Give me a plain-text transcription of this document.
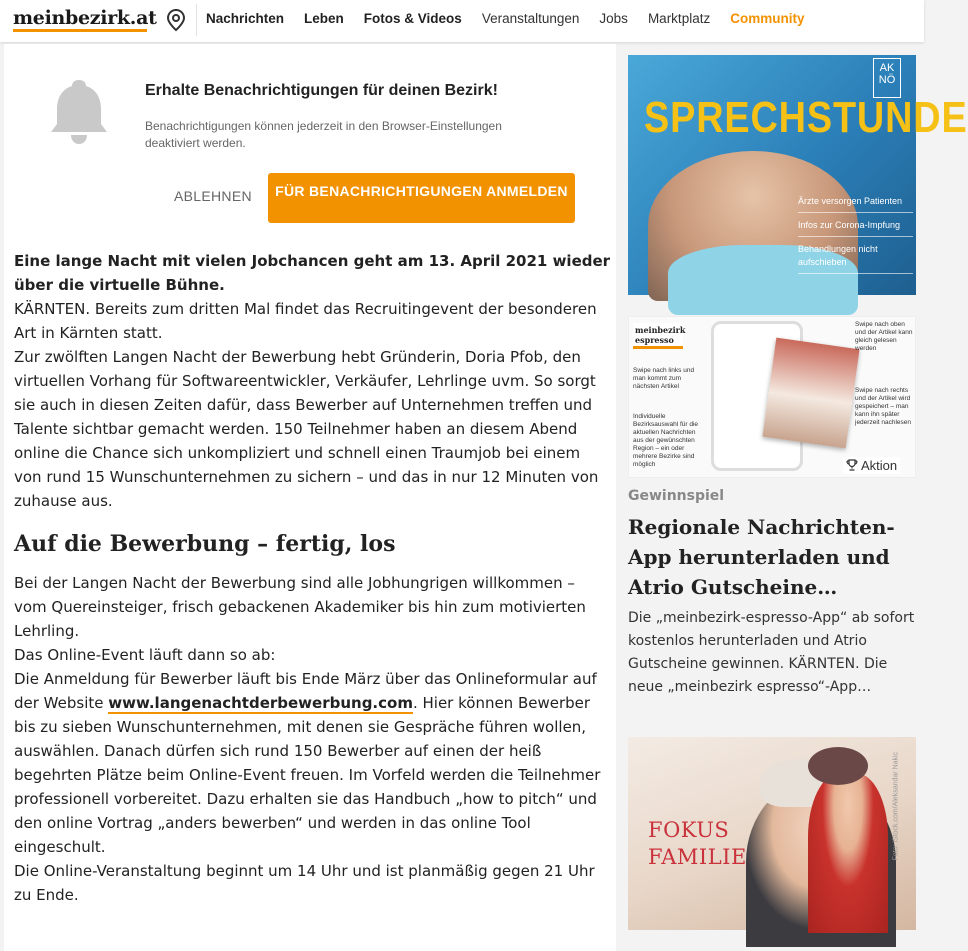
meinbezirk.at	Nachrichten Leben Fotos & Videos Veranstaltungen Jobs Marktplatz Community
Erhalte Benachrichtigungen für deinen Bezirk!
Benachrichtigungen können jederzeit in den Browser-Einstellungen deaktiviert werden.
ABLEHNEN	FÜR BENACHRICHTIGUNGEN ANMELDEN
Eine lange Nacht mit vielen Jobchancen geht am 13. April 2021 wieder über die virtuelle Bühne.
KÄRNTEN. Bereits zum dritten Mal findet das Recruitingevent der besonderen Art in Kärnten statt.
Zur zwölften Langen Nacht der Bewerbung hebt Gründerin, Doria Pfob, den virtuellen Vorhang für Softwareentwickler, Verkäufer, Lehrlinge uvm. So sorgt sie auch in diesen Zeiten dafür, dass Bewerber auf Unternehmen treffen und Talente sichtbar gemacht werden. 150 Teilnehmer haben an diesem Abend online die Chance sich unkompliziert und schnell einen Traumjob bei einem von rund 15 Wunschunternehmen zu sichern – und das in nur 12 Minuten von zuhause aus.
Auf die Bewerbung – fertig, los
Bei der Langen Nacht der Bewerbung sind alle Jobhungrigen willkommen – vom Quereinsteiger, frisch gebackenen Akademiker bis hin zum motivierten Lehrling.
Das Online-Event läuft dann so ab:
Die Anmeldung für Bewerber läuft bis Ende März über das Onlineformular auf der Website www.langenachtderbewerbung.com. Hier können Bewerber bis zu sieben Wunschunternehmen, mit denen sie Gespräche führen wollen, auswählen. Danach dürfen sich rund 150 Bewerber auf einen der heiß begehrten Plätze beim Online-Event freuen. Im Vorfeld werden die Teilnehmer professionell vorbereitet. Dazu erhalten sie das Handbuch „how to pitch“ und den online Vortrag „anders bewerben“ und werden in das online Tool eingeschult.
Die Online-Veranstaltung beginnt um 14 Uhr und ist planmäßig gegen 21 Uhr zu Ende.
SPRECHSTUNDE
AK NÖ
Ärzte versorgen Patienten
Infos zur Corona-Impfung
Behandlungen nicht aufschieben
meinbezirk espresso
Swipe nach links und man kommt zum nächsten Artikel
Individuelle Bezirksauswahl für die aktuellen Nachrichten aus der gewünschten Region – ein oder mehrere Bezirke sind möglich
Swipe nach oben und der Artikel kann gleich gelesen werden
Swipe nach rechts und der Artikel wird gespeichert – man kann ihn später jederzeit nachlesen
Aktion
Gewinnspiel
Regionale Nachrichten-App herunterladen und Atrio Gutscheine…
Die „meinbezirk-espresso-App“ ab sofort kostenlos herunterladen und Atrio Gutscheine gewinnen. KÄRNTEN. Die neue „meinbezirk espresso“-App…
FOKUS
FAMILIE	Foto: iStock.com/Aleksandar Nakic
